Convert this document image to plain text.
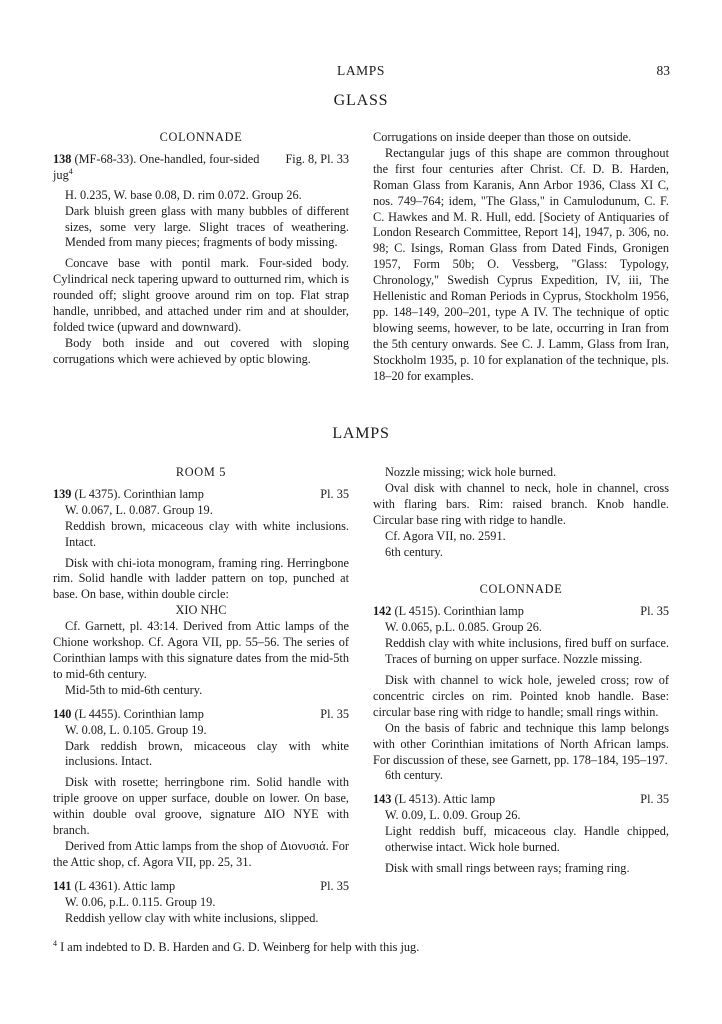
LAMPS	83
GLASS
COLONNADE
138 (MF-68-33). One-handled, four-sided jug$^4$
Fig. 8, Pl. 33

H. 0.235, W. base 0.08, D. rim 0.072. Group 26.

Dark bluish green glass with many bubbles of different sizes, some very large. Slight traces of weathering. Mended from many pieces; fragments of body missing.

Concave base with pontil mark. Four-sided body. Cylindrical neck tapering upward to outturned rim, which is rounded off; slight groove around rim on top. Flat strap handle, unribbed, and attached under rim and at shoulder, folded twice (upward and downward).

Body both inside and out covered with sloping corrugations which were achieved by optic blowing.

Corrugations on inside deeper than those on outside.

Rectangular jugs of this shape are common throughout the first four centuries after Christ. Cf. D. B. Harden, Roman Glass from Karanis, Ann Arbor 1936, Class XI C, nos. 749–764; idem, "The Glass," in Camulodunum, C. F. C. Hawkes and M. R. Hull, edd. [Society of Antiquaries of London Research Committee, Report 14], 1947, p. 306, no. 98; C. Isings, Roman Glass from Dated Finds, Gronigen 1957, Form 50b; O. Vessberg, "Glass: Typology, Chronology," Swedish Cyprus Expedition, IV, iii, The Hellenistic and Roman Periods in Cyprus, Stockholm 1956, pp. 148–149, 200–201, type A IV. The technique of optic blowing seems, however, to be late, occurring in Iran from the 5th century onwards. See C. J. Lamm, Glass from Iran, Stockholm 1935, p. 10 for explanation of the technique, pls. 18–20 for examples.

LAMPS
ROOM 5
139 (L 4375). Corinthian lamp	Pl. 35

W. 0.067, L. 0.087. Group 19.

Reddish brown, micaceous clay with white inclusions. Intact.

Disk with chi-iota monogram, framing ring. Herringbone rim. Solid handle with ladder pattern on top, punched at base. On base, within double circle:

XIO NHC

Cf. Garnett, pl. 43:14. Derived from Attic lamps of the Chione workshop. Cf. Agora VII, pp. 55–56. The series of Corinthian lamps with this signature dates from the mid-5th to mid-6th century.

Mid-5th to mid-6th century.

140 (L 4455). Corinthian lamp	Pl. 35

W. 0.08, L. 0.105. Group 19.

Dark reddish brown, micaceous clay with white inclusions. Intact.

Disk with rosette; herringbone rim. Solid handle with triple groove on upper surface, double on lower. On base, within double oval groove, signature ΔIO NYE with branch.

Derived from Attic lamps from the shop of Διονυσιά. For the Attic shop, cf. Agora VII, pp. 25, 31.

141 (L 4361). Attic lamp	Pl. 35

W. 0.06, p.L. 0.115. Group 19.

Reddish yellow clay with white inclusions, slipped.

Nozzle missing; wick hole burned.

Oval disk with channel to neck, hole in channel, cross with flaring bars. Rim: raised branch. Knob handle. Circular base ring with ridge to handle.

Cf. Agora VII, no. 2591.

6th century.

COLONNADE
142 (L 4515). Corinthian lamp	Pl. 35

W. 0.065, p.L. 0.085. Group 26.

Reddish clay with white inclusions, fired buff on surface. Traces of burning on upper surface. Nozzle missing.

Disk with channel to wick hole, jeweled cross; row of concentric circles on rim. Pointed knob handle. Base: circular base ring with ridge to handle; small rings within.

On the basis of fabric and technique this lamp belongs with other Corinthian imitations of North African lamps. For discussion of these, see Garnett, pp. 178–184, 195–197.

6th century.

143 (L 4513). Attic lamp	Pl. 35

W. 0.09, L. 0.09. Group 26.

Light reddish buff, micaceous clay. Handle chipped, otherwise intact. Wick hole burned.

Disk with small rings between rays; framing ring.

$^4$ I am indebted to D. B. Harden and G. D. Weinberg for help with this jug.
